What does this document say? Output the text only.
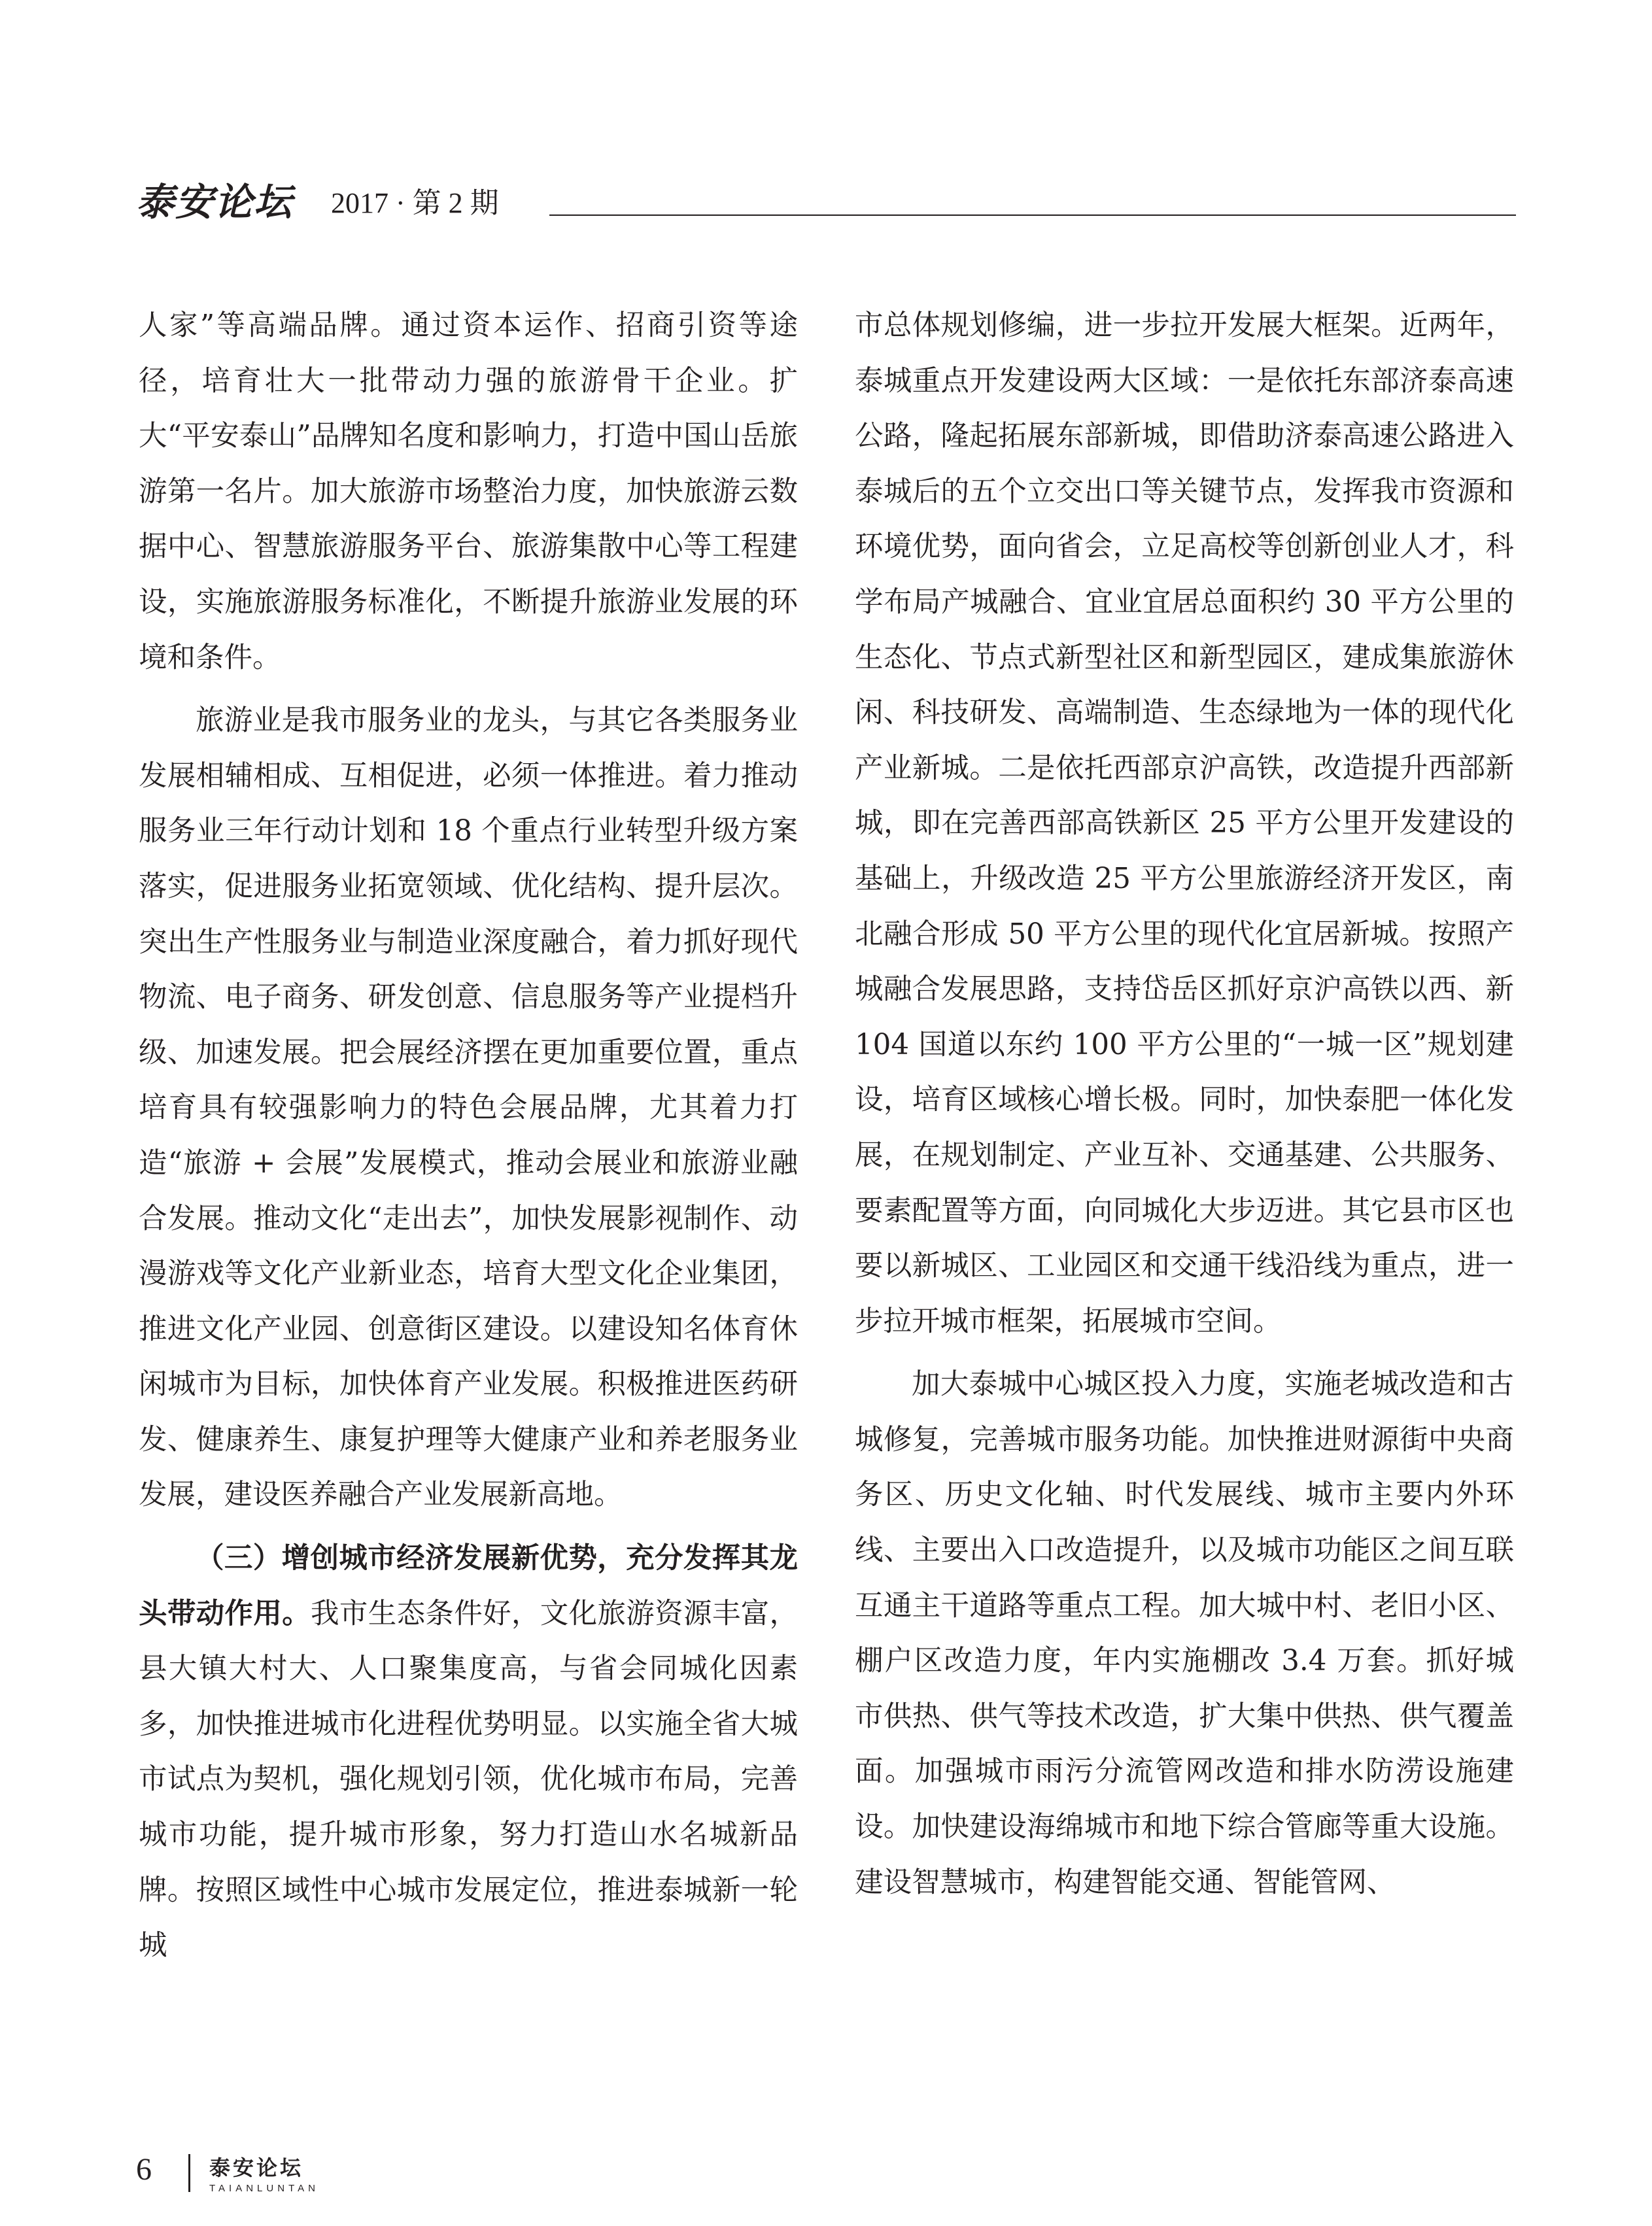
泰安论坛 2017 · 第 2 期

人家”等高端品牌。通过资本运作、招商引资等途径，培育壮大一批带动力强的旅游骨干企业。扩大“平安泰山”品牌知名度和影响力，打造中国山岳旅游第一名片。加大旅游市场整治力度，加快旅游云数据中心、智慧旅游服务平台、旅游集散中心等工程建设，实施旅游服务标准化，不断提升旅游业发展的环境和条件。

旅游业是我市服务业的龙头，与其它各类服务业发展相辅相成、互相促进，必须一体推进。着力推动服务业三年行动计划和 18 个重点行业转型升级方案落实，促进服务业拓宽领域、优化结构、提升层次。突出生产性服务业与制造业深度融合，着力抓好现代物流、电子商务、研发创意、信息服务等产业提档升级、加速发展。把会展经济摆在更加重要位置，重点培育具有较强影响力的特色会展品牌，尤其着力打造“旅游 + 会展”发展模式，推动会展业和旅游业融合发展。推动文化“走出去”，加快发展影视制作、动漫游戏等文化产业新业态，培育大型文化企业集团，推进文化产业园、创意街区建设。以建设知名体育休闲城市为目标，加快体育产业发展。积极推进医药研发、健康养生、康复护理等大健康产业和养老服务业发展，建设医养融合产业发展新高地。

（三）增创城市经济发展新优势，充分发挥其龙头带动作用。我市生态条件好，文化旅游资源丰富，县大镇大村大、人口聚集度高，与省会同城化因素多，加快推进城市化进程优势明显。以实施全省大城市试点为契机，强化规划引领，优化城市布局，完善城市功能，提升城市形象，努力打造山水名城新品牌。按照区域性中心城市发展定位，推进泰城新一轮城

市总体规划修编，进一步拉开发展大框架。近两年，泰城重点开发建设两大区域：一是依托东部济泰高速公路，隆起拓展东部新城，即借助济泰高速公路进入泰城后的五个立交出口等关键节点，发挥我市资源和环境优势，面向省会，立足高校等创新创业人才，科学布局产城融合、宜业宜居总面积约 30 平方公里的生态化、节点式新型社区和新型园区，建成集旅游休闲、科技研发、高端制造、生态绿地为一体的现代化产业新城。二是依托西部京沪高铁，改造提升西部新城，即在完善西部高铁新区 25 平方公里开发建设的基础上，升级改造 25 平方公里旅游经济开发区，南北融合形成 50 平方公里的现代化宜居新城。按照产城融合发展思路，支持岱岳区抓好京沪高铁以西、新 104 国道以东约 100 平方公里的“一城一区”规划建设，培育区域核心增长极。同时，加快泰肥一体化发展，在规划制定、产业互补、交通基建、公共服务、要素配置等方面，向同城化大步迈进。其它县市区也要以新城区、工业园区和交通干线沿线为重点，进一步拉开城市框架，拓展城市空间。

加大泰城中心城区投入力度，实施老城改造和古城修复，完善城市服务功能。加快推进财源街中央商务区、历史文化轴、时代发展线、城市主要内外环线、主要出入口改造提升，以及城市功能区之间互联互通主干道路等重点工程。加大城中村、老旧小区、棚户区改造力度，年内实施棚改 3.4 万套。抓好城市供热、供气等技术改造，扩大集中供热、供气覆盖面。加强城市雨污分流管网改造和排水防涝设施建设。加快建设海绵城市和地下综合管廊等重大设施。建设智慧城市，构建智能交通、智能管网、

6	泰安论坛
TAIANLUNTAN
